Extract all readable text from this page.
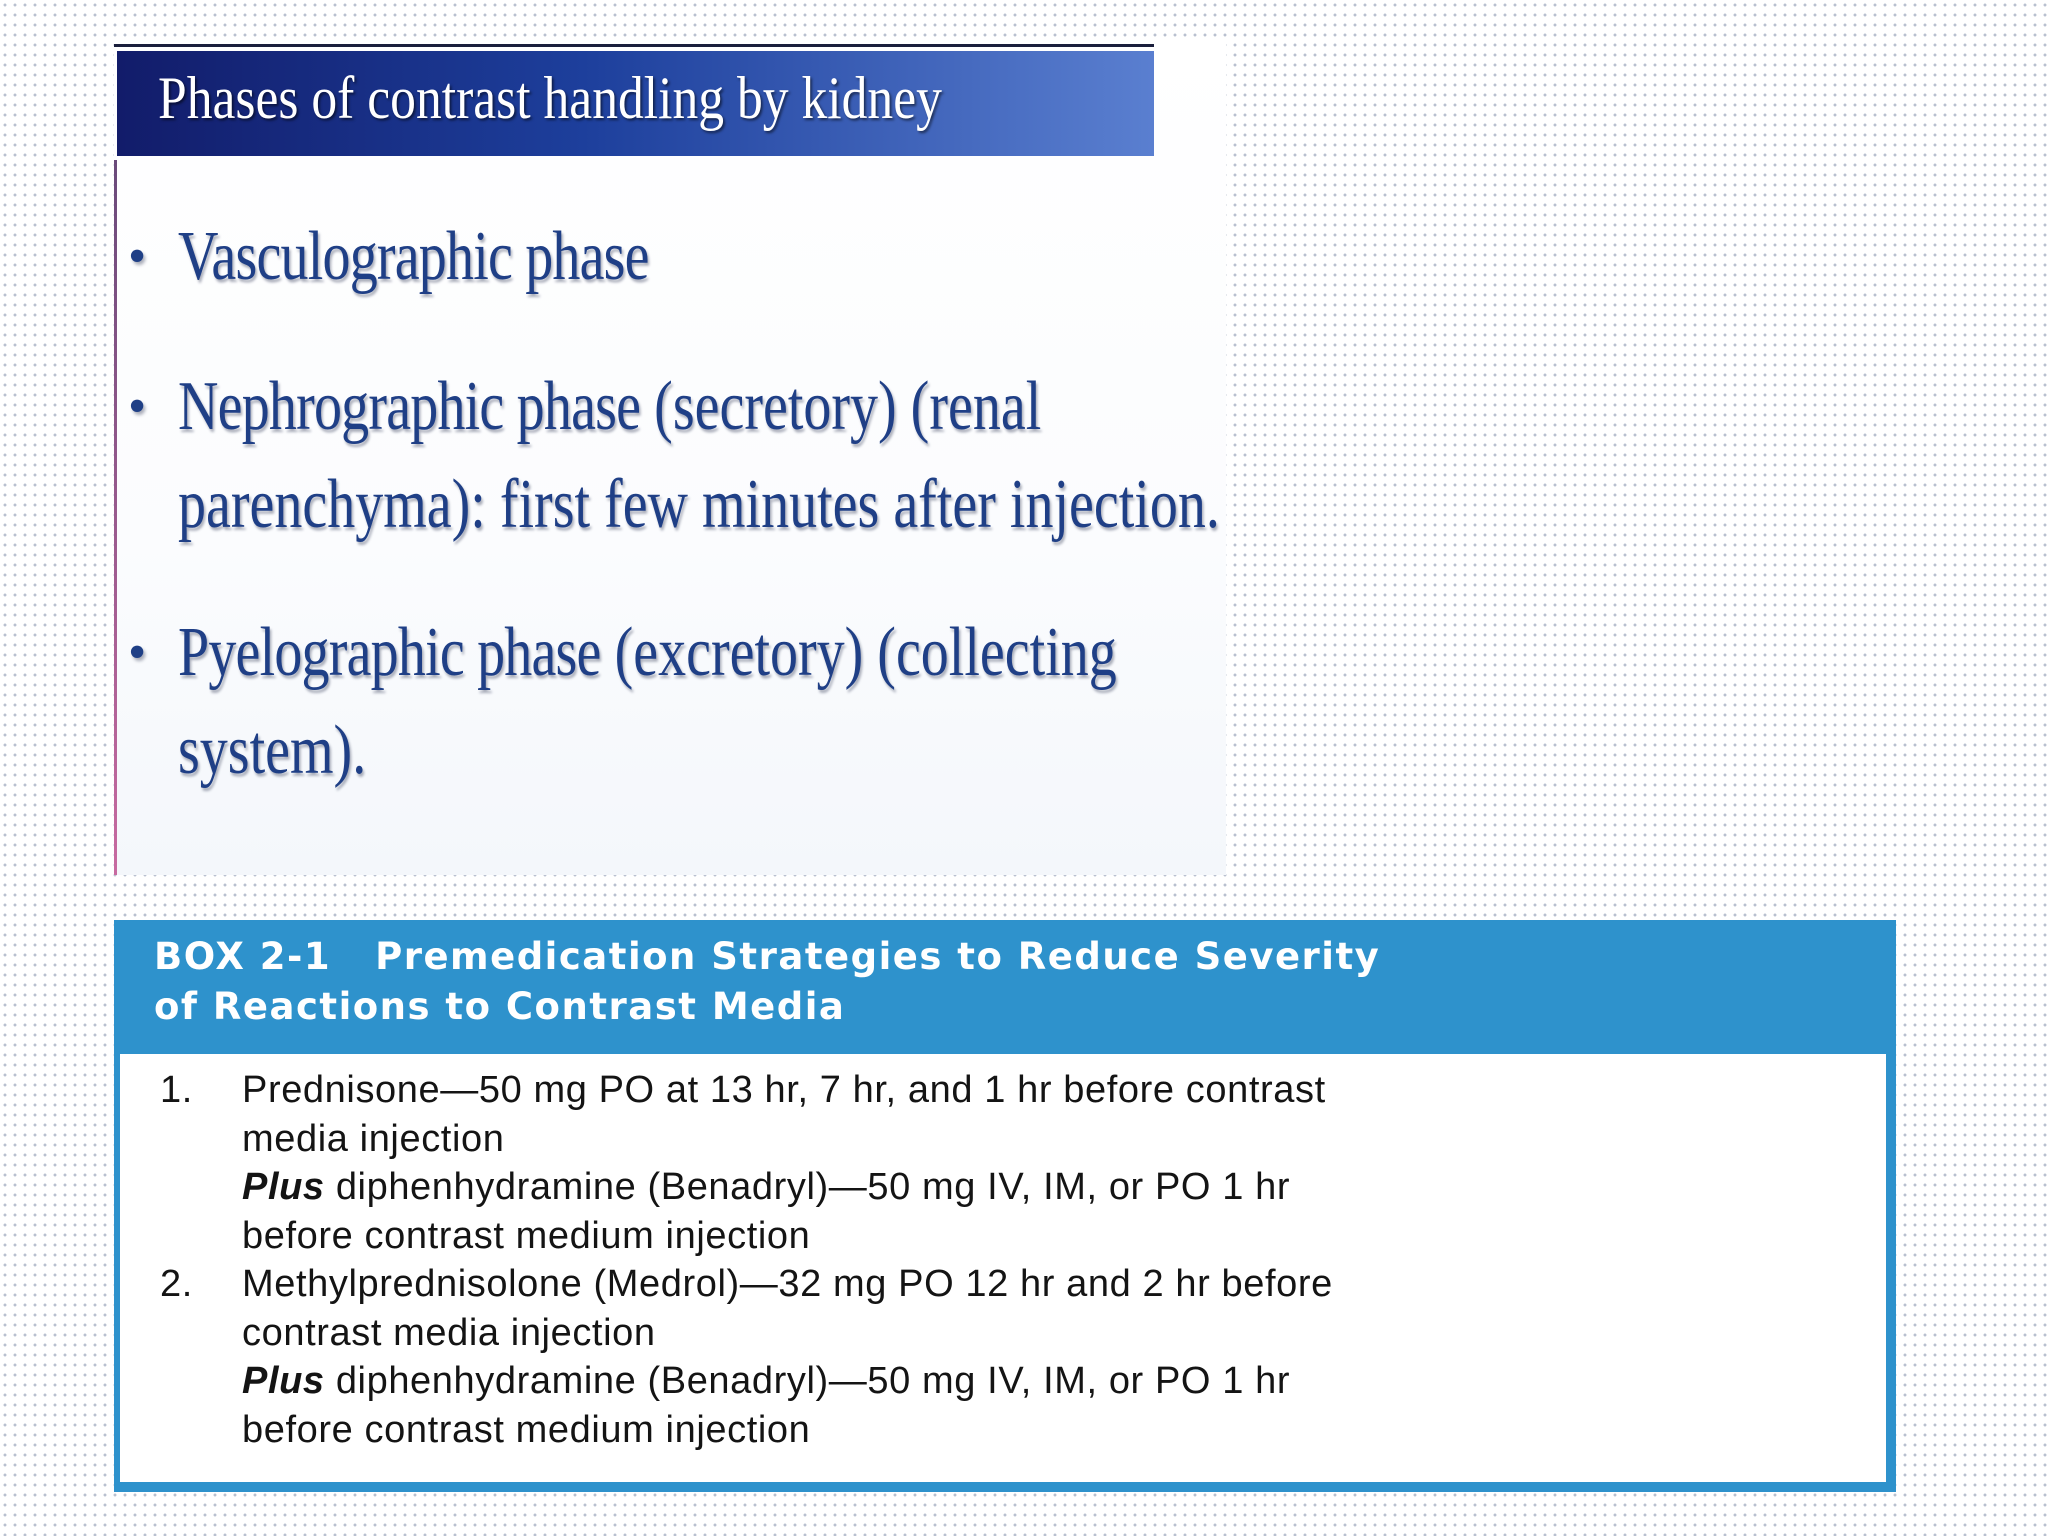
Phases of contrast handling by kidney
• Vasculographic phase
• Nephrographic phase (secretory) (renal
parenchyma): first few minutes after injection.
• Pyelographic phase (excretory) (collecting
system).
BOX 2-1 Premedication Strategies to Reduce Severity
of Reactions to Contrast Media
1. Prednisone—50 mg PO at 13 hr, 7 hr, and 1 hr before contrast
media injection
Plus diphenhydramine (Benadryl)—50 mg IV, IM, or PO 1 hr
before contrast medium injection
2. Methylprednisolone (Medrol)—32 mg PO 12 hr and 2 hr before
contrast media injection
Plus diphenhydramine (Benadryl)—50 mg IV, IM, or PO 1 hr
before contrast medium injection
